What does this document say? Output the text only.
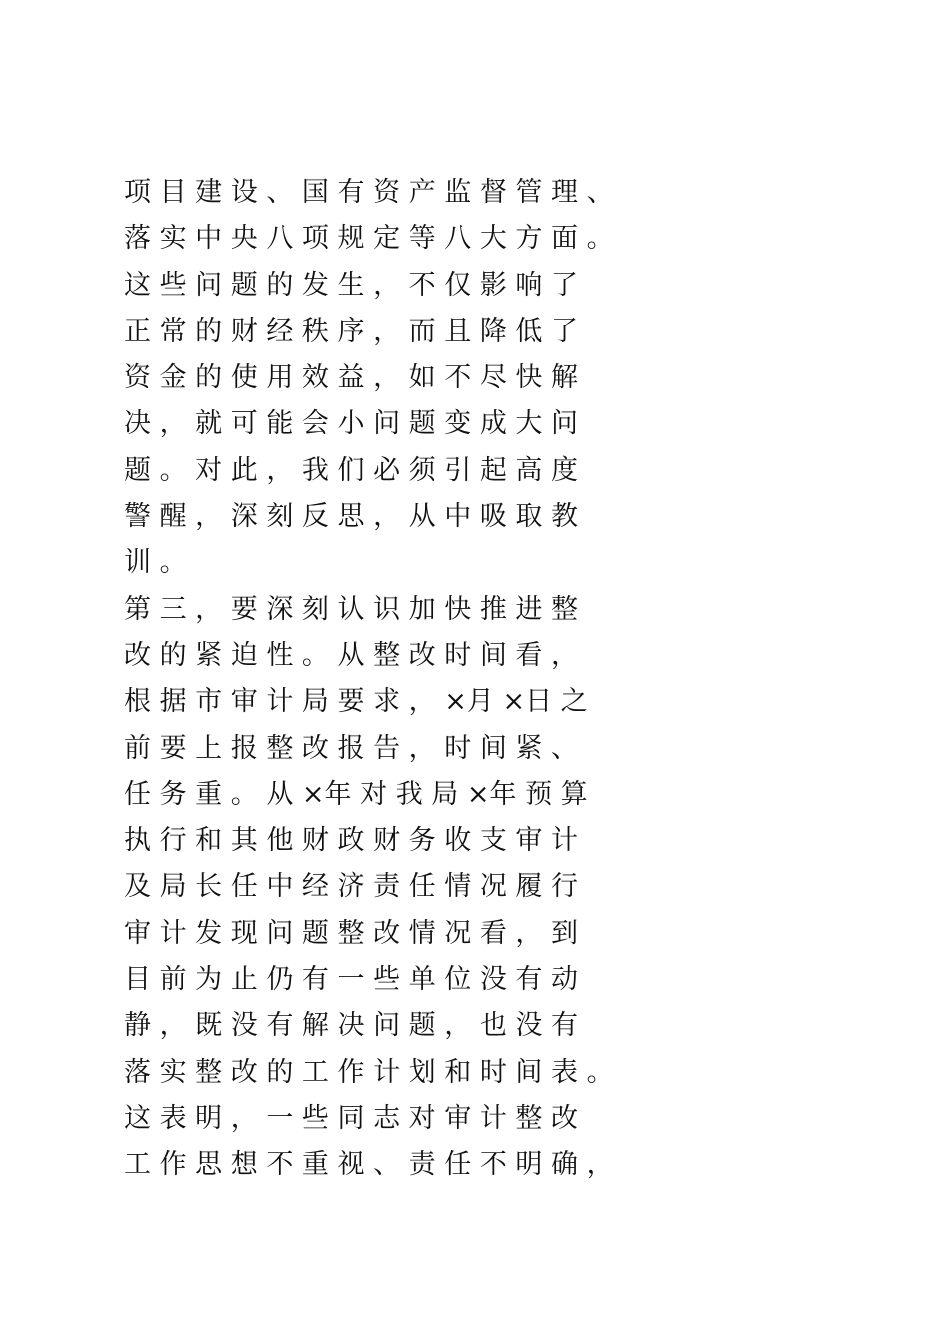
项 目 建 设 、 国 有 资 产 监 督 管 理 、
落 实 中 央 八 项 规 定 等 八 大 方 面 。
这 些 问 题 的 发 生 ， 不 仅 影 响 了
正 常 的 财 经 秩 序 ， 而 且 降 低 了
资 金 的 使 用 效 益 ， 如 不 尽 快 解
决 ， 就 可 能 会 小 问 题 变 成 大 问
题 。 对 此 ， 我 们 必 须 引 起 高 度
警 醒 ， 深 刻 反 思 ， 从 中 吸 取 教
训 。
第 三 ， 要 深 刻 认 识 加 快 推 进 整
改 的 紧 迫 性 。 从 整 改 时 间 看 ，
根 据 市 审 计 局 要 求 ， ×月 ×日 之
前 要 上 报 整 改 报 告 ， 时 间 紧 、
任 务 重 。 从 ×年 对 我 局 ×年 预 算
执 行 和 其 他 财 政 财 务 收 支 审 计
及 局 长 任 中 经 济 责 任 情 况 履 行
审 计 发 现 问 题 整 改 情 况 看 ， 到
目 前 为 止 仍 有 一 些 单 位 没 有 动
静 ， 既 没 有 解 决 问 题 ， 也 没 有
落 实 整 改 的 工 作 计 划 和 时 间 表 。
这 表 明 ， 一 些 同 志 对 审 计 整 改
工 作 思 想 不 重 视 、 责 任 不 明 确 ，
